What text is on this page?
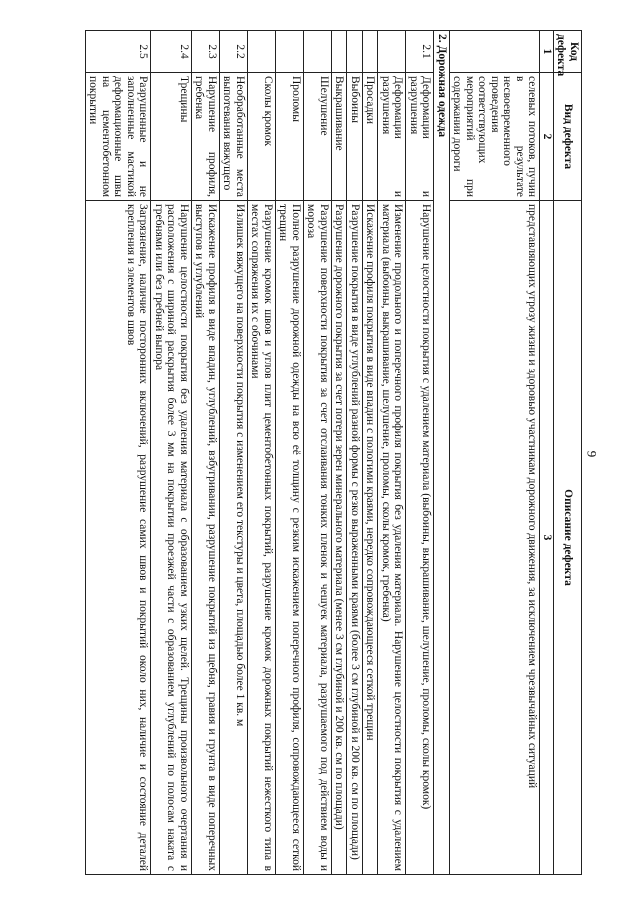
9
Код дефекта	Вид дефекта	Описание дефекта
1	2	3
	селевых потоков, пучин в результате несвоевременного проведения соответствующих мероприятий при содержании дороги	представляющих угрозу жизни и здоровью участникам дорожного движения, за исключением чрезвычайных ситуаций
2. Дорожная одежда		
2.1	Деформации и разрушения	Нарушение целостности покрытия с удалением материала (выбоины, выкрашивание, шелушение, проломы, сколы кромок)
	Деформации и разрушения	Изменение продольного и поперечного профиля покрытия без удаления материала. Нарушение целостности покрытия с удалением материала (выбоины, выкрашивание, шелушение, проломы, сколы кромок, гребенка)
	Просадки	Искажение профиля покрытия в виде впадин с пологими краями, нередко сопровождающееся сеткой трещин
	Выбоины	Разрушение покрытия в виде углублений разной формы с резко выраженными краями (более 3 см глубиной и 200 кв. см по площади)
	Выкрашивание	Разрушение дорожного покрытия за счет потери зерен минерального материала (менее 3 см глубиной и 200 кв. см по площади)
	Шелушение	Разрушение поверхности покрытия за счет отслаивания тонких пленок и чешуек материала, разрушаемого под действием воды и мороза
	Проломы	Полное разрушение дорожной одежды на всю её толщину с резким искажением поперечного профиля, сопровождающееся сеткой трещин
	Сколы кромок	Разрушение кромок швов и углов плит цементобетонных покрытий, разрушение кромок дорожных покрытий нежесткого типа в местах сопряжения их с обочинами
2.2	Необработанные места выпотевания вяжущего	Излишек вяжущего на поверхности покрытия с изменением его текстуры и цвета, площадью более 1 кв. м
2.3	Нарушение профиля, гребенка	Искажение профиля в виде впадин, углублений, взбугривании, разрушение покрытий из щебня, гравия и грунта в виде поперечных выступов и углублений
2.4	Трещины	Нарушение целостности покрытия без удаления материала с образованием узких щелей. Трещины произвольного очертания и расположения с шириной раскрытия более 3 мм на покрытии проезжей части с образованием углублений по полосам наката с гребнями или без гребней выпора
2.5	Разрушенные и не заполненные мастикой деформационные швы на цементобетонном покрытии	Загрязнение, наличие посторонних включений, разрушение самих швов и покрытий около них, наличие и состояние деталей крепления и элементов швов
